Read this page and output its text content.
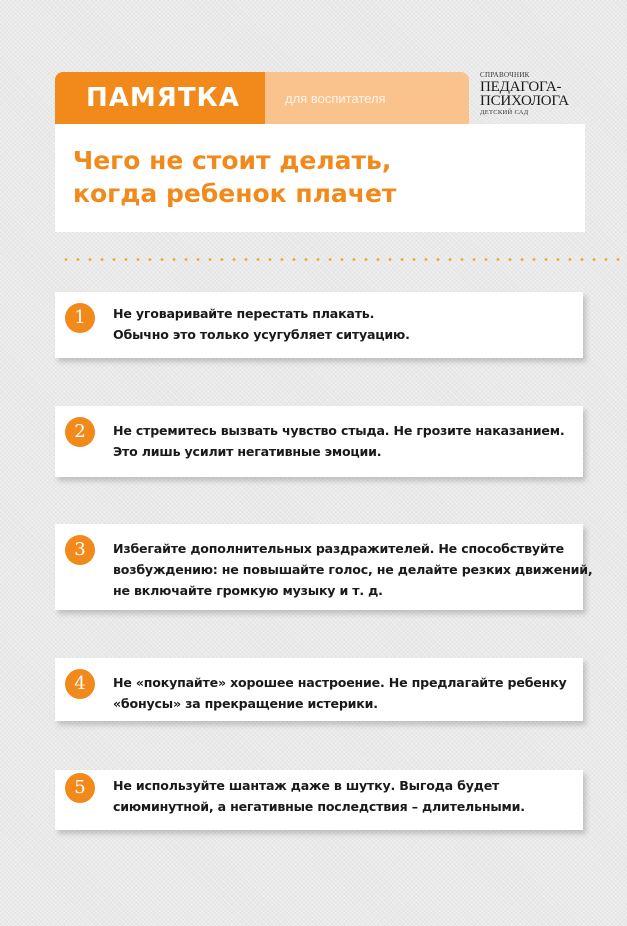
ПАМЯТКА	для воспитателя
СПРАВОЧНИК
ПЕДАГОГА-
ПСИХОЛОГА
ДЕТСКИЙ САД
Чего не стоит делать,
когда ребенок плачет
1	Не уговаривайте перестать плакать.
Обычно это только усугубляет ситуацию.
2	Не стремитесь вызвать чувство стыда. Не грозите наказанием.
Это лишь усилит негативные эмоции.
3	Избегайте дополнительных раздражителей. Не способствуйте
возбуждению: не повышайте голос, не делайте резких движений,
не включайте громкую музыку и т. д.
4	Не «покупайте» хорошее настроение. Не предлагайте ребенку
«бонусы» за прекращение истерики.
5	Не используйте шантаж даже в шутку. Выгода будет
сиюминутной, а негативные последствия – длительными.
